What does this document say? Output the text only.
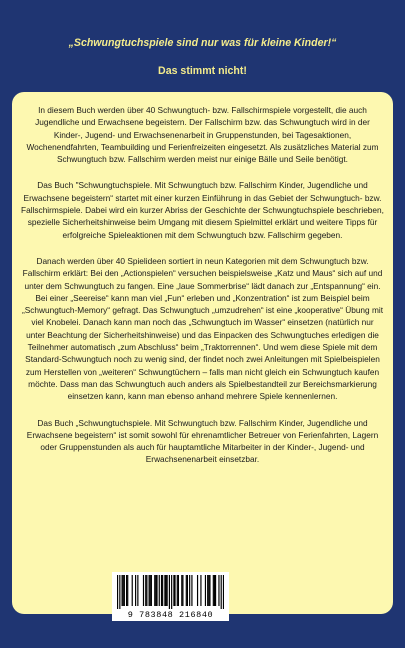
„Schwungtuchspiele sind nur was für kleine Kinder!“
Das stimmt nicht!

In diesem Buch werden über 40 Schwungtuch- bzw. Fallschirmspiele vorgestellt, die auch Jugendliche und Erwachsene begeistern. Der Fallschirm bzw. das Schwungtuch wird in der Kinder-, Jugend- und Erwachsenenarbeit in Gruppenstunden, bei Tagesaktionen, Wochenendfahrten, Teambuilding und Ferienfreizeiten eingesetzt. Als zusätzliches Material zum Schwungtuch bzw. Fallschirm werden meist nur einige Bälle und Seile benötigt.

Das Buch "Schwungtuchspiele. Mit Schwungtuch bzw. Fallschirm Kinder, Jugendliche und Erwachsene begeistern“ startet mit einer kurzen Einführung in das Gebiet der Schwungtuch- bzw. Fallschirmspiele. Dabei wird ein kurzer Abriss der Geschichte der Schwungtuchspiele beschrieben, spezielle Sicherheitshinweise beim Umgang mit diesem Spielmittel erklärt und weitere Tipps für erfolgreiche Spieleaktionen mit dem Schwungtuch bzw. Fallschirm gegeben.

Danach werden über 40 Spielideen sortiert in neun Kategorien mit dem Schwungtuch bzw. Fallschirm erklärt: Bei den „Actionspielen“ versuchen beispielsweise „Katz und Maus“ sich auf und unter dem Schwungtuch zu fangen. Eine „laue Sommerbrise“ lädt danach zur „Entspannung“ ein. Bei einer „Seereise“ kann man viel „Fun“ erleben und „Konzentration“ ist zum Beispiel beim „Schwungtuch-Memory“ gefragt. Das Schwungtuch „umzudrehen“ ist eine „kooperative“ Übung mit viel Knobelei. Danach kann man noch das „Schwungtuch im Wasser“ einsetzen (natürlich nur unter Beachtung der Sicherheitshinweise) und das Einpacken des Schwungtuches erledigen die Teilnehmer automatisch „zum Abschluss“ beim „Traktorrennen“. Und wem diese Spiele mit dem Standard-Schwungtuch noch zu wenig sind, der findet noch zwei Anleitungen mit Spielbeispielen zum Herstellen von „weiteren“ Schwungtüchern – falls man nicht gleich ein Schwungtuch kaufen möchte. Dass man das Schwungtuch auch anders als Spielbestandteil zur Bereichsmarkierung einsetzen kann, kann man ebenso anhand mehrere Spiele kennenlernen.

Das Buch „Schwungtuchspiele. Mit Schwungtuch bzw. Fallschirm Kinder, Jugendliche und Erwachsene begeistern“ ist somit sowohl für ehrenamtlicher Betreuer von Ferienfahrten, Lagern oder Gruppenstunden als auch für hauptamtliche Mitarbeiter in der Kinder-, Jugend- und Erwachsenenarbeit einsetzbar.

9 783848 216840
